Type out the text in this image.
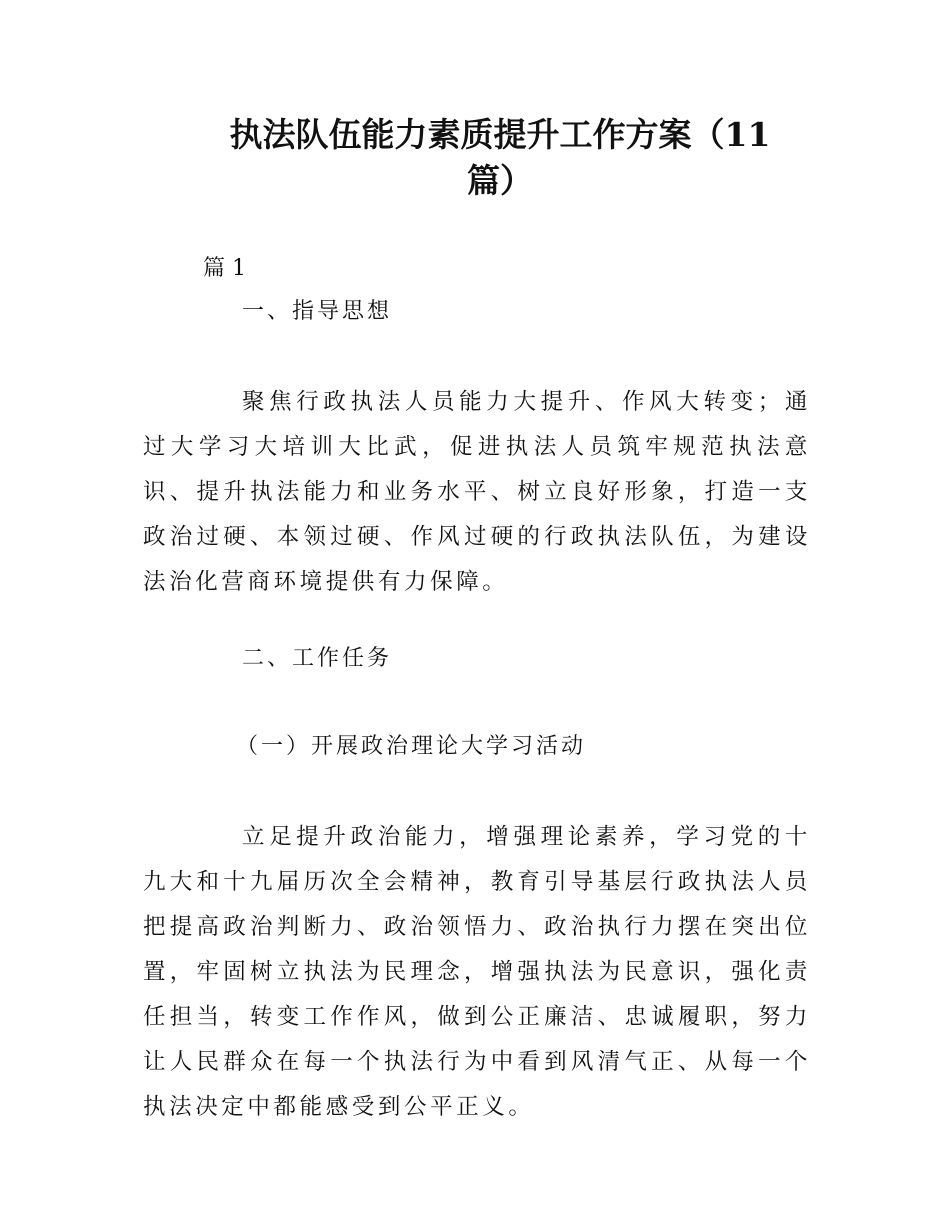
执法队伍能力素质提升工作方案（11
篇）

篇 1

一、指导思想

聚焦行政执法人员能力大提升、作风大转变；通过大学习大培训大比武，促进执法人员筑牢规范执法意识、提升执法能力和业务水平、树立良好形象，打造一支政治过硬、本领过硬、作风过硬的行政执法队伍，为建设法治化营商环境提供有力保障。

二、工作任务

（一）开展政治理论大学习活动

立足提升政治能力，增强理论素养，学习党的十九大和十九届历次全会精神，教育引导基层行政执法人员把提高政治判断力、政治领悟力、政治执行力摆在突出位置，牢固树立执法为民理念，增强执法为民意识，强化责任担当，转变工作作风，做到公正廉洁、忠诚履职，努力让人民群众在每一个执法行为中看到风清气正、从每一个执法决定中都能感受到公平正义。
